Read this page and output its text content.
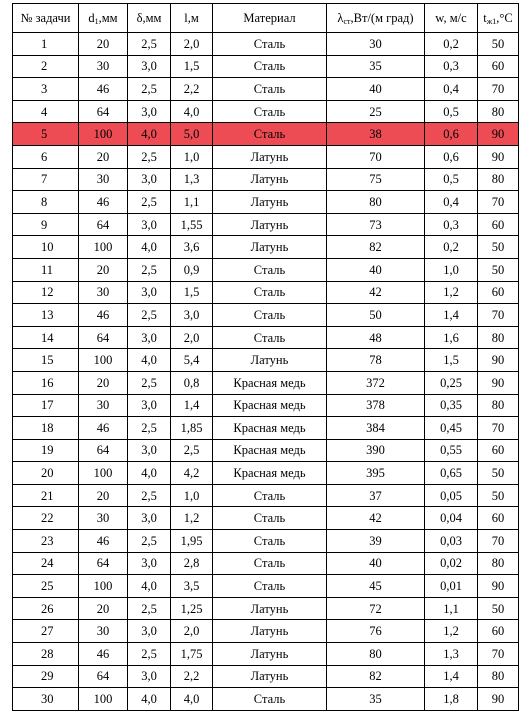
№ задачи	$d_1,мм$	δ,мм	l,м	Материал	$\lambda_{ст},Вт/(м$ град)	w, м/с	$t_{ж1},^\circ С$
1	20	2,5	2,0	Сталь	30	0,2	50
2	30	3,0	1,5	Сталь	35	0,3	60
3	46	2,5	2,2	Сталь	40	0,4	70
4	64	3,0	4,0	Сталь	25	0,5	80
5	100	4,0	5,0	Сталь	38	0,6	90
6	20	2,5	1,0	Латунь	70	0,6	90
7	30	3,0	1,3	Латунь	75	0,5	80
8	46	2,5	1,1	Латунь	80	0,4	70
9	64	3,0	1,55	Латунь	73	0,3	60
10	100	4,0	3,6	Латунь	82	0,2	50
11	20	2,5	0,9	Сталь	40	1,0	50
12	30	3,0	1,5	Сталь	42	1,2	60
13	46	2,5	3,0	Сталь	50	1,4	70
14	64	3,0	2,0	Сталь	48	1,6	80
15	100	4,0	5,4	Латунь	78	1,5	90
16	20	2,5	0,8	Красная медь	372	0,25	90
17	30	3,0	1,4	Красная медь	378	0,35	80
18	46	2,5	1,85	Красная медь	384	0,45	70
19	64	3,0	2,5	Красная медь	390	0,55	60
20	100	4,0	4,2	Красная медь	395	0,65	50
21	20	2,5	1,0	Сталь	37	0,05	50
22	30	3,0	1,2	Сталь	42	0,04	60
23	46	2,5	1,95	Сталь	39	0,03	70
24	64	3,0	2,8	Сталь	40	0,02	80
25	100	4,0	3,5	Сталь	45	0,01	90
26	20	2,5	1,25	Латунь	72	1,1	50
27	30	3,0	2,0	Латунь	76	1,2	60
28	46	2,5	1,75	Латунь	80	1,3	70
29	64	3,0	2,2	Латунь	82	1,4	80
30	100	4,0	4,0	Сталь	35	1,8	90
